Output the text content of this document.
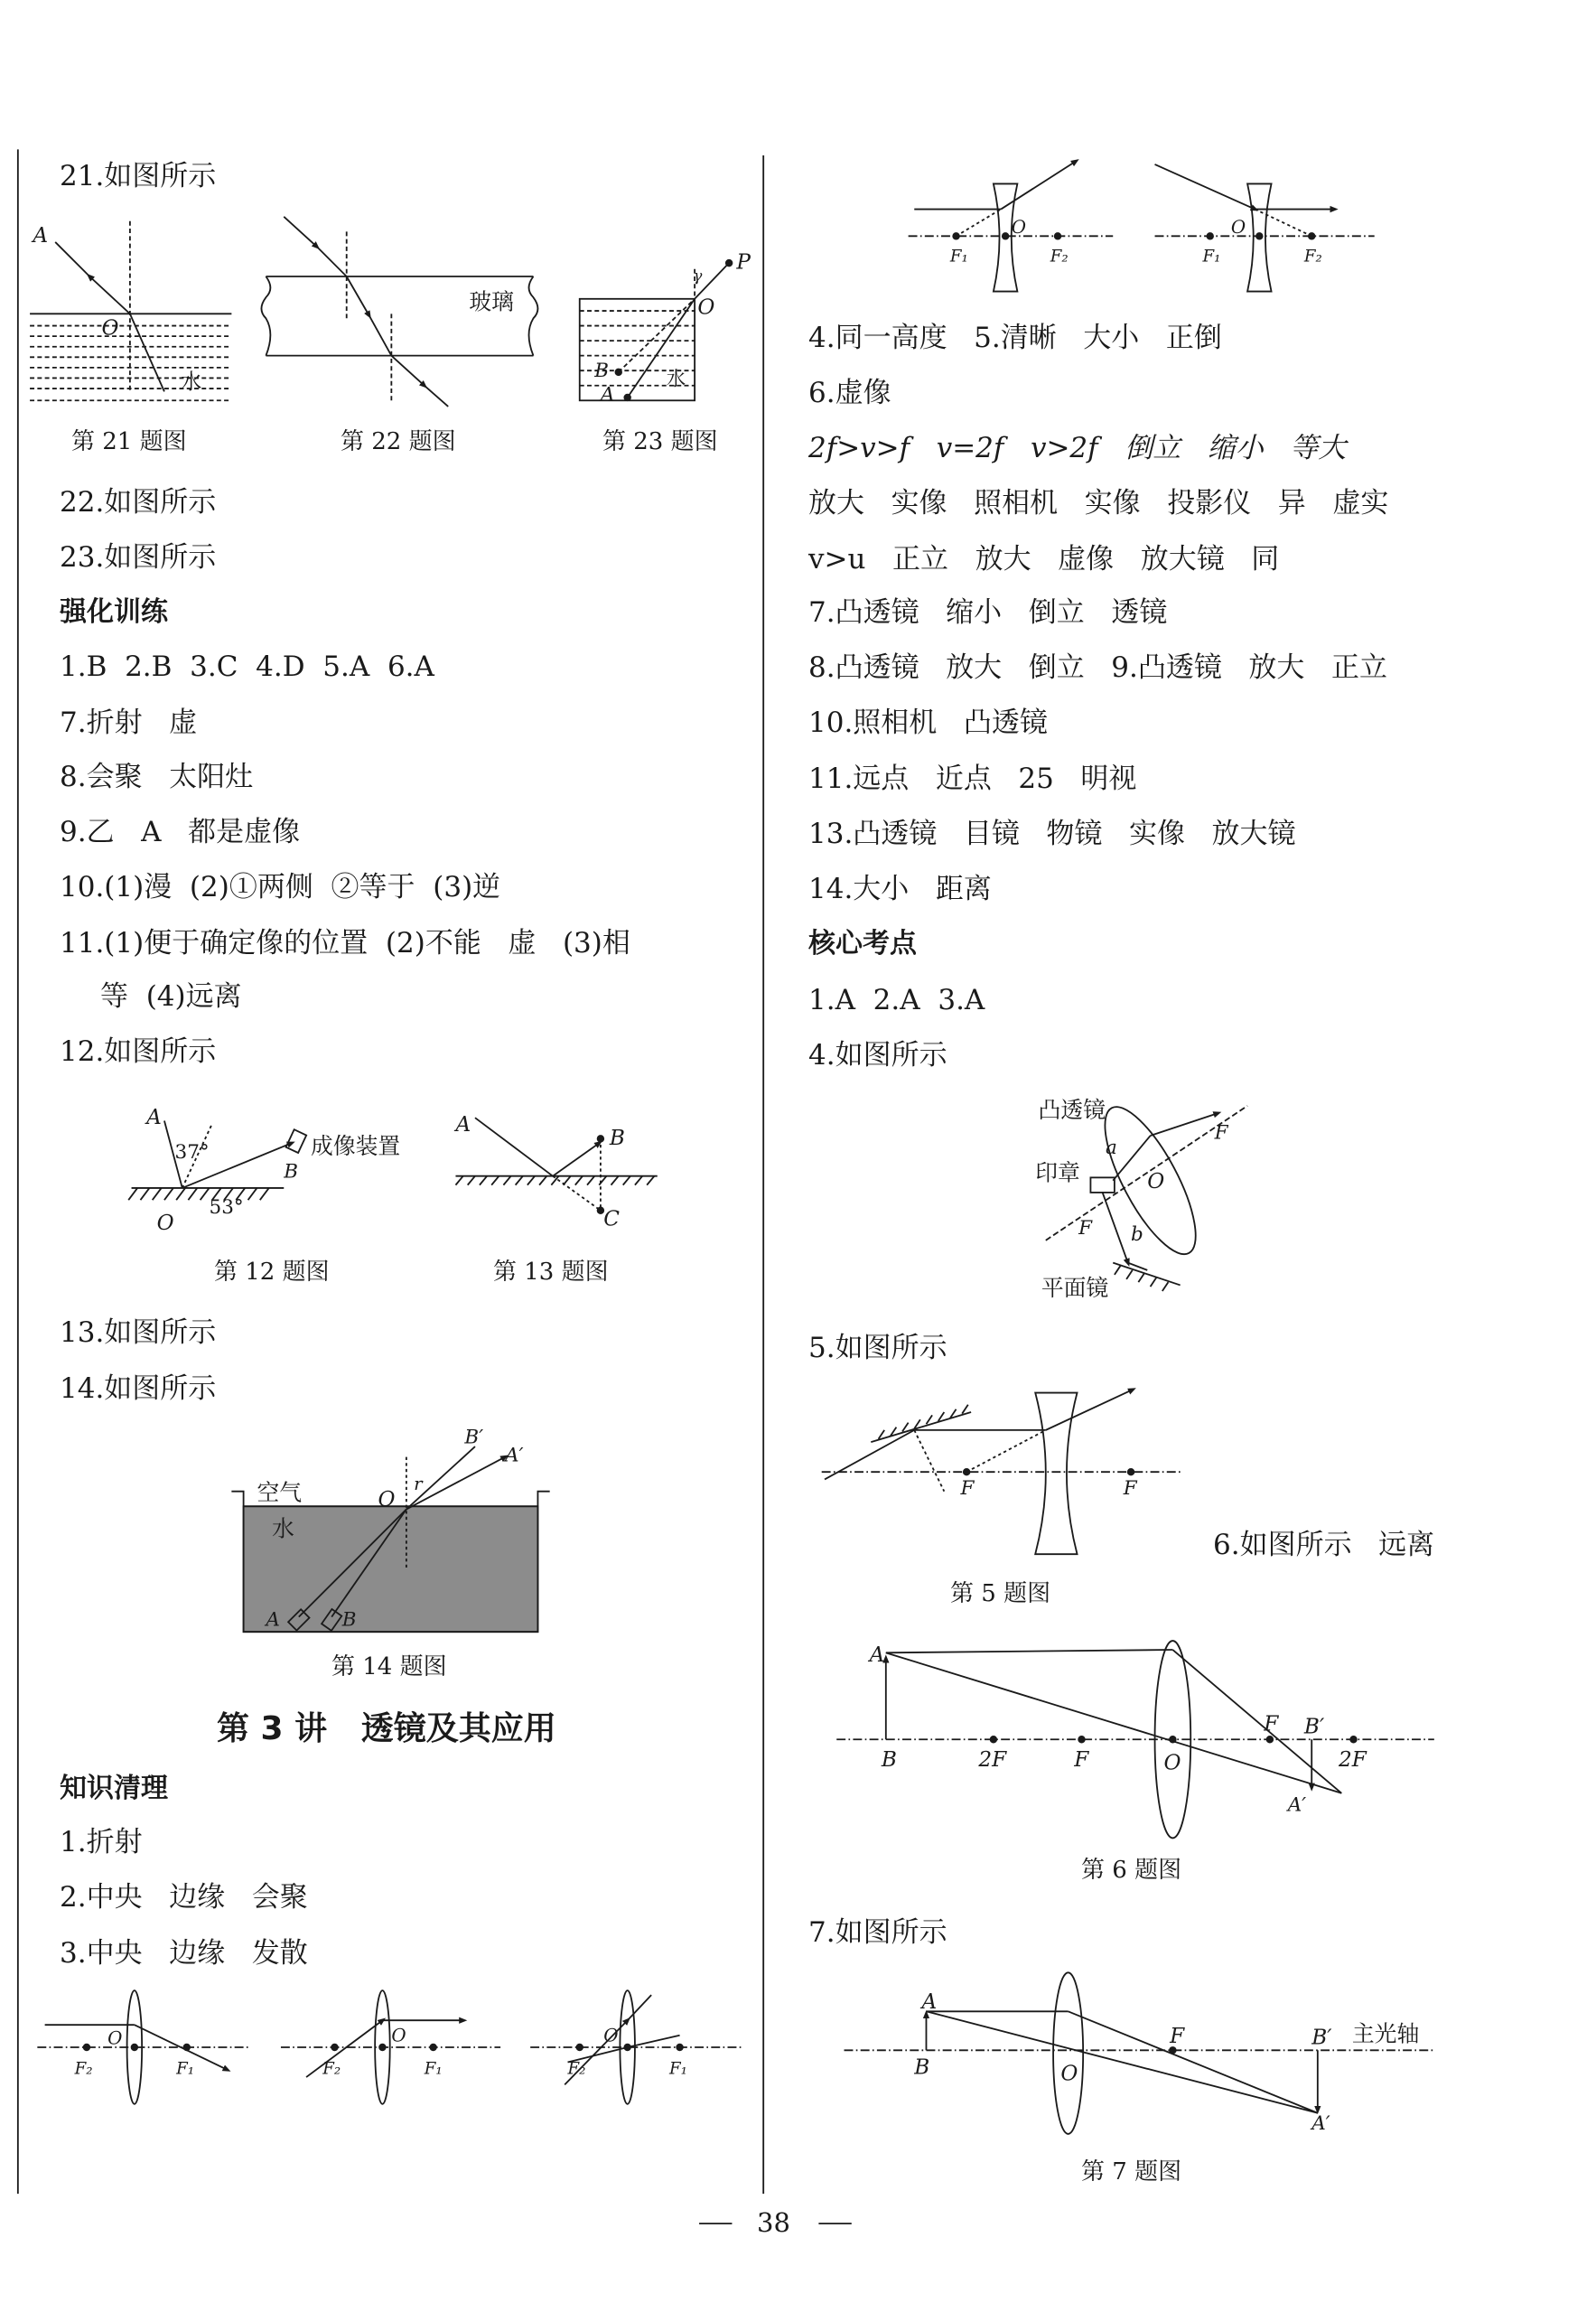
A
O
水
玻璃
P
O
γ
B
A
水
F₁
O
F₂	F₁
O
F₂
A
37°
53°
O
B
成像装置
A
B
C
空气
水
O
r
B′
A′
A	B
F₂
O
F₁	F₂
O
F₁	F₂
O
F₁
凸透镜
印章
平面镜
a
b
O
F
F
F	F
A
B	2F	F	O
F B′
2F
A′
A
B	O
F	B′
A′
主光轴
21.如图所示
第 21 题图	第 22 题图	第 23 题图
22.如图所示
23.如图所示
强化训练
1.B  2.B  3.C  4.D  5.A  6.A
7.折射   虚
8.会聚   太阳灶
9.乙   A   都是虚像
10.(1)漫  (2)①两侧  ②等于  (3)逆
11.(1)便于确定像的位置  (2)不能   虚   (3)相
等  (4)远离
12.如图所示
第 12 题图	第 13 题图
13.如图所示
14.如图所示
第 14 题图
第 3 讲   透镜及其应用
知识清理
1.折射
2.中央   边缘   会聚
3.中央   边缘   发散
4.同一高度   5.清晰   大小   正倒
6.虚像
2f>v>f   v=2f   v>2f   倒立   缩小   等大
放大   实像   照相机   实像   投影仪   异   虚实
v>u   正立   放大   虚像   放大镜   同
7.凸透镜   缩小   倒立   透镜
8.凸透镜   放大   倒立   9.凸透镜   放大   正立
10.照相机   凸透镜
11.远点   近点   25   明视
13.凸透镜   目镜   物镜   实像   放大镜
14.大小   距离
核心考点
1.A  2.A  3.A
4.如图所示
5.如图所示
6.如图所示   远离
第 5 题图
第 6 题图
7.如图所示
第 7 题图
38
